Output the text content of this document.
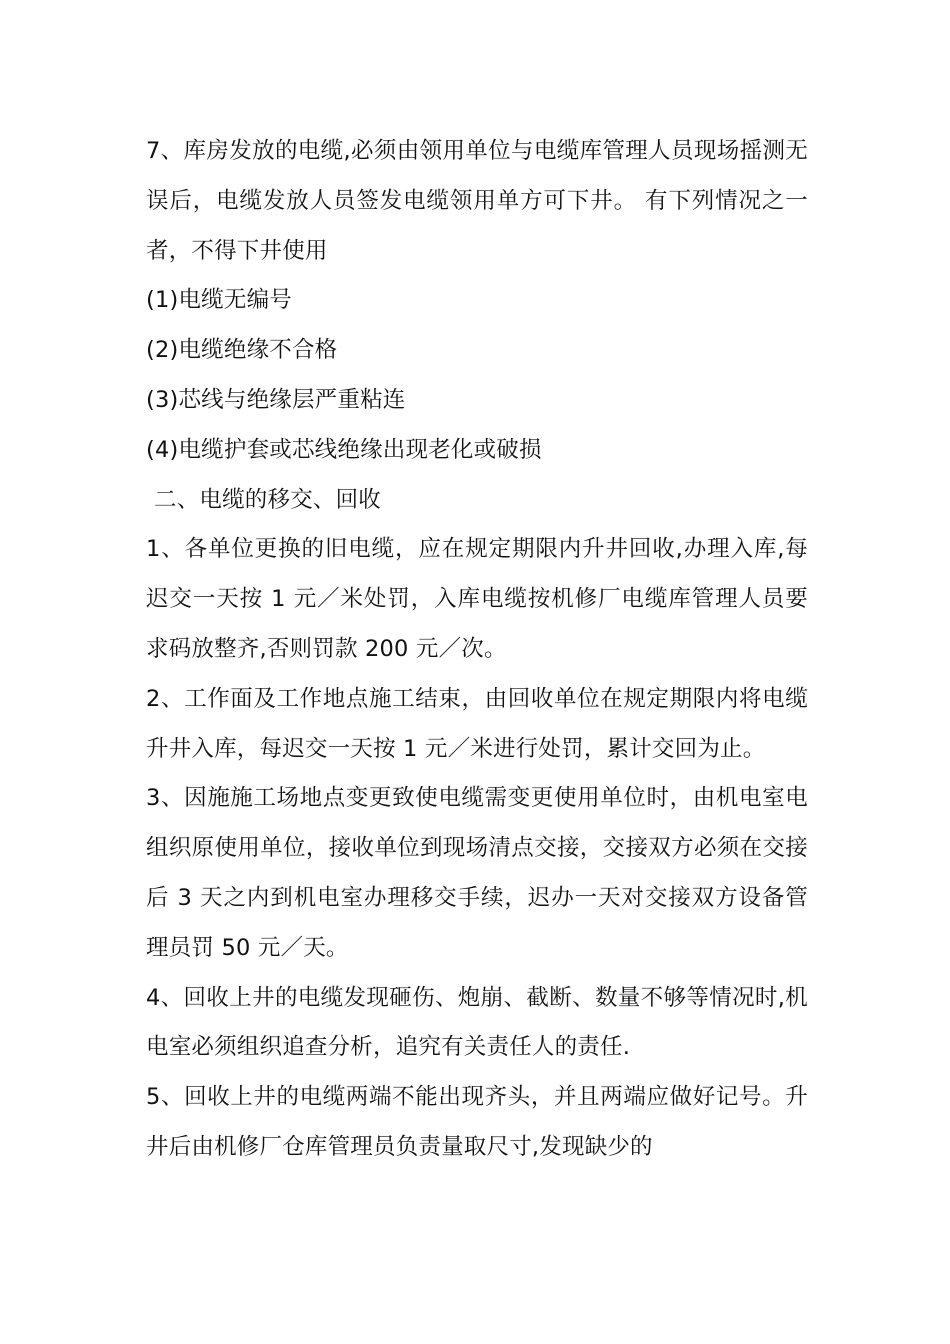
7、库房发放的电缆,必须由领用单位与电缆库管理人员现场摇测无误后，电缆发放人员签发电缆领用单方可下井。 有下列情况之一者，不得下井使用

(1)电缆无编号

(2)电缆绝缘不合格

(3)芯线与绝缘层严重粘连

(4)电缆护套或芯线绝缘出现老化或破损

二、电缆的移交、回收

1、各单位更换的旧电缆，应在规定期限内升井回收,办理入库,每迟交一天按 1 元／米处罚，入库电缆按机修厂电缆库管理人员要求码放整齐,否则罚款 200 元／次。

2、工作面及工作地点施工结束，由回收单位在规定期限内将电缆升井入库，每迟交一天按 1 元／米进行处罚，累计交回为止。

3、因施施工场地点变更致使电缆需变更使用单位时，由机电室电组织原使用单位，接收单位到现场清点交接，交接双方必须在交接后 3 天之内到机电室办理移交手续，迟办一天对交接双方设备管理员罚 50 元／天。

4、回收上井的电缆发现砸伤、炮崩、截断、数量不够等情况时,机电室必须组织追查分析，追究有关责任人的责任.

5、回收上井的电缆两端不能出现齐头，并且两端应做好记号。升井后由机修厂仓库管理员负责量取尺寸,发现缺少的
